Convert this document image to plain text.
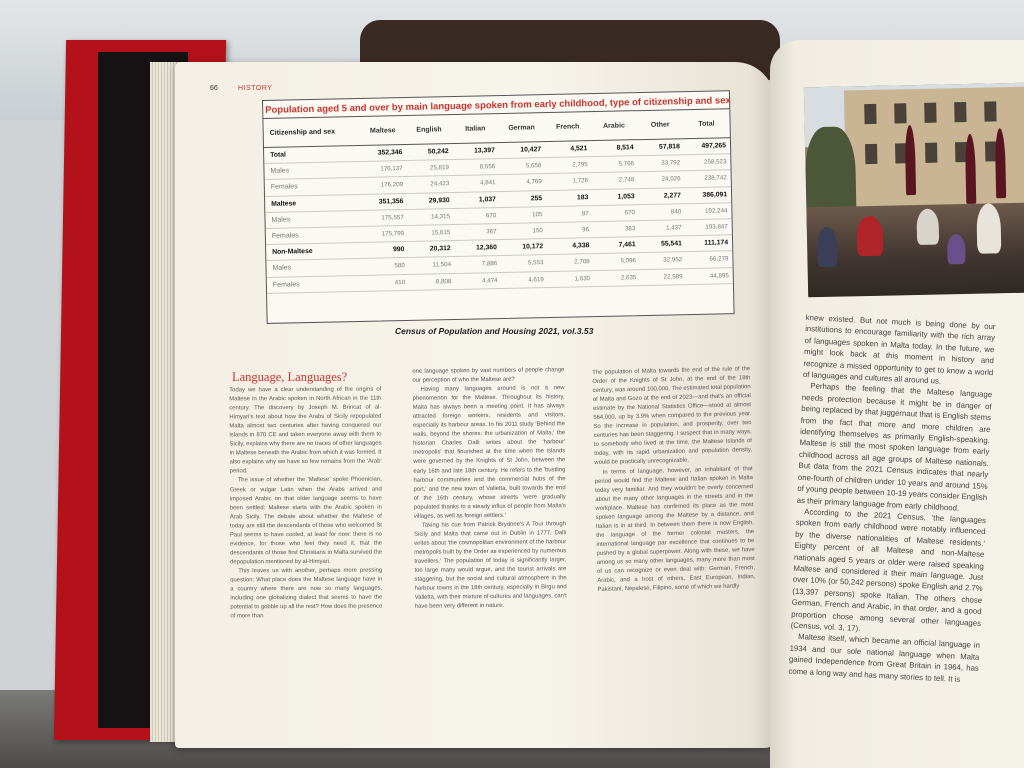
66	HISTORY
Population aged 5 and over by main language spoken from early childhood, type of citizenship and sex
Citizenship and sex	Maltese	English	Italian	German	French	Arabic	Other	Total
Total	352,346	50,242	13,397	10,427	4,521	8,514	57,818	497,265
Males	176,137	25,819	8,556	5,658	2,795	5,766	33,792	258,523
Females	176,209	24,423	4,841	4,769	1,726	2,748	24,026	238,742
Maltese	351,356	29,930	1,037	255	183	1,053	2,277	386,091
Males	175,557	14,315	670	105	87	670	840	192,244
Females	175,799	15,615	367	150	96	383	1,437	193,847
Non-Maltese	990	20,312	12,360	10,172	4,338	7,461	55,541	111,174
Males	580	11,504	7,886	5,553	2,708	5,096	32,952	66,279
Females	410	8,808	4,474	4,619	1,630	2,635	22,589	44,895
Census of Population and Housing 2021, vol.3.53
Language, Languages?

Today we have a clear understanding of the origins of Maltese in the Arabic spoken in North African in the 11th century. The discovery by Joseph M. Brincat of al-Himyari's text about how the Arabs of Sicily repopulated Malta almost two centuries after having conquered our islands in 870 CE and taken everyone away with them to Sicily, explains why there are no traces of other languages in Maltese beneath the Arabic from which it was formed. It also explains why we have so few remains from the 'Arab' period.

The issue of whether the 'Maltese' spoke Phoenician, Greek or vulgar Latin when the Arabs arrived and imposed Arabic on that older language seems to have been settled: Maltese starts with the Arabic spoken in Arab Sicily. The debate about whether the Maltese of today are still the descendants of those who welcomed St Paul seems to have cooled, at least for now: there is no evidence, for those who feel they need it, that the descendants of those first Christians in Malta survived the depopulation mentioned by al-Himyari.

This leaves us with another, perhaps more pressing question: What place does the Maltese language have in a country where there are now so many languages, including one globalizing dialect that seems to have the potential to gobble up all the rest? How does the presence of more than

one language spoken by vast numbers of people change our perception of who the Maltese are?

Having many languages around is not a new phenomenon for the Maltese. Throughout its history, Malta has always been a meeting point. It has always attracted foreign workers, residents and visitors, especially its harbour areas. In his 2011 study 'Behind the walls, beyond the shores: the urbanization of Malta,' the historian Charles Dalli writes about the 'harbour' metropolis' that flourished at the time when the islands were governed by the Knights of St John, between the early 16th and late 18th century. He refers to the 'bustling harbour communities and the commercial hubs of the port,' and the new town of Valletta, built towards the end of the 16th century, whose streets 'were gradually populated thanks to a steady influx of people from Malta's villages, as well as foreign settlers.'

Taking his cue from Patrick Brydone's A Tour through Sicily and Malta that came out in Dublin in 1777, Dalli writes about 'the cosmopolitan environment of the harbour metropolis built by the Order as experienced by numerous travellers.' The population of today is significantly larger, too large many would argue, and the tourist arrivals are staggering, but the social and cultural atmosphere in the harbour towns in the 18th century, especially in Birgu and Valletta, with their mixture of cultures and languages, can't have been very different in nature.

The population of Malta towards the end of the rule of the Order of the Knights of St John, at the end of the 18th century, was around 100,000. The estimated total population of Malta and Gozo at the end of 2023—and that's an official estimate by the National Statistics Office—stood at almost 564,000, up by 3.9% when compared to the previous year. So the increase in population, and prosperity, over two centuries has been staggering. I suspect that in many ways, to somebody who lived at the time, the Maltese Islands of today, with its rapid urbanization and population density, would be practically unrecognizable.

In terms of language, however, an inhabitant of that period would find the Maltese and Italian spoken in Malta today very familiar. And they wouldn't be overly concerned about the many other languages in the streets and in the workplace. Maltese has confirmed its place as the most spoken language among the Maltese by a distance, and Italian is in at third. In between them there is now English, the language of the former colonial masters, the international language par excellence that continues to be pushed by a global superpower. Along with these, we have among us so many other languages, many more than most of us can recognize or even deal with: German, French, Arabic, and a host of others, East European, Indian, Pakistani, Nepalese, Filipino, some of which we hardly

knew existed. But not much is being done by our institutions to encourage familiarity with the rich array of languages spoken in Malta today. In the future, we might look back at this moment in history and recognize a missed opportunity to get to know a world of languages and cultures all around us.

Perhaps the feeling that the Maltese language needs protection because it might be in danger of being replaced by that juggernaut that is English stems from the fact that more and more children are identifying themselves as primarily English-speaking. Maltese is still the most spoken language from early childhood across all age groups of Maltese nationals. But data from the 2021 Census indicates that nearly one-fourth of children under 10 years and around 15% of young people between 10-19 years consider English as their primary language from early childhood.

According to the 2021 Census, 'the languages spoken from early childhood were notably influenced by the diverse nationalities of Maltese residents.' Eighty percent of all Maltese and non-Maltese nationals aged 5 years or older were raised speaking Maltese and considered it their main language. Just over 10% (or 50,242 persons) spoke English and 2.7% (13,397 persons) spoke Italian. The others chose German, French and Arabic, in that order, and a good proportion chose among several other languages (Census, vol. 3, 17).

Maltese itself, which became an official language in 1934 and our sole national language when Malta gained Independence from Great Britain in 1964, has come a long way and has many stories to tell. It is
